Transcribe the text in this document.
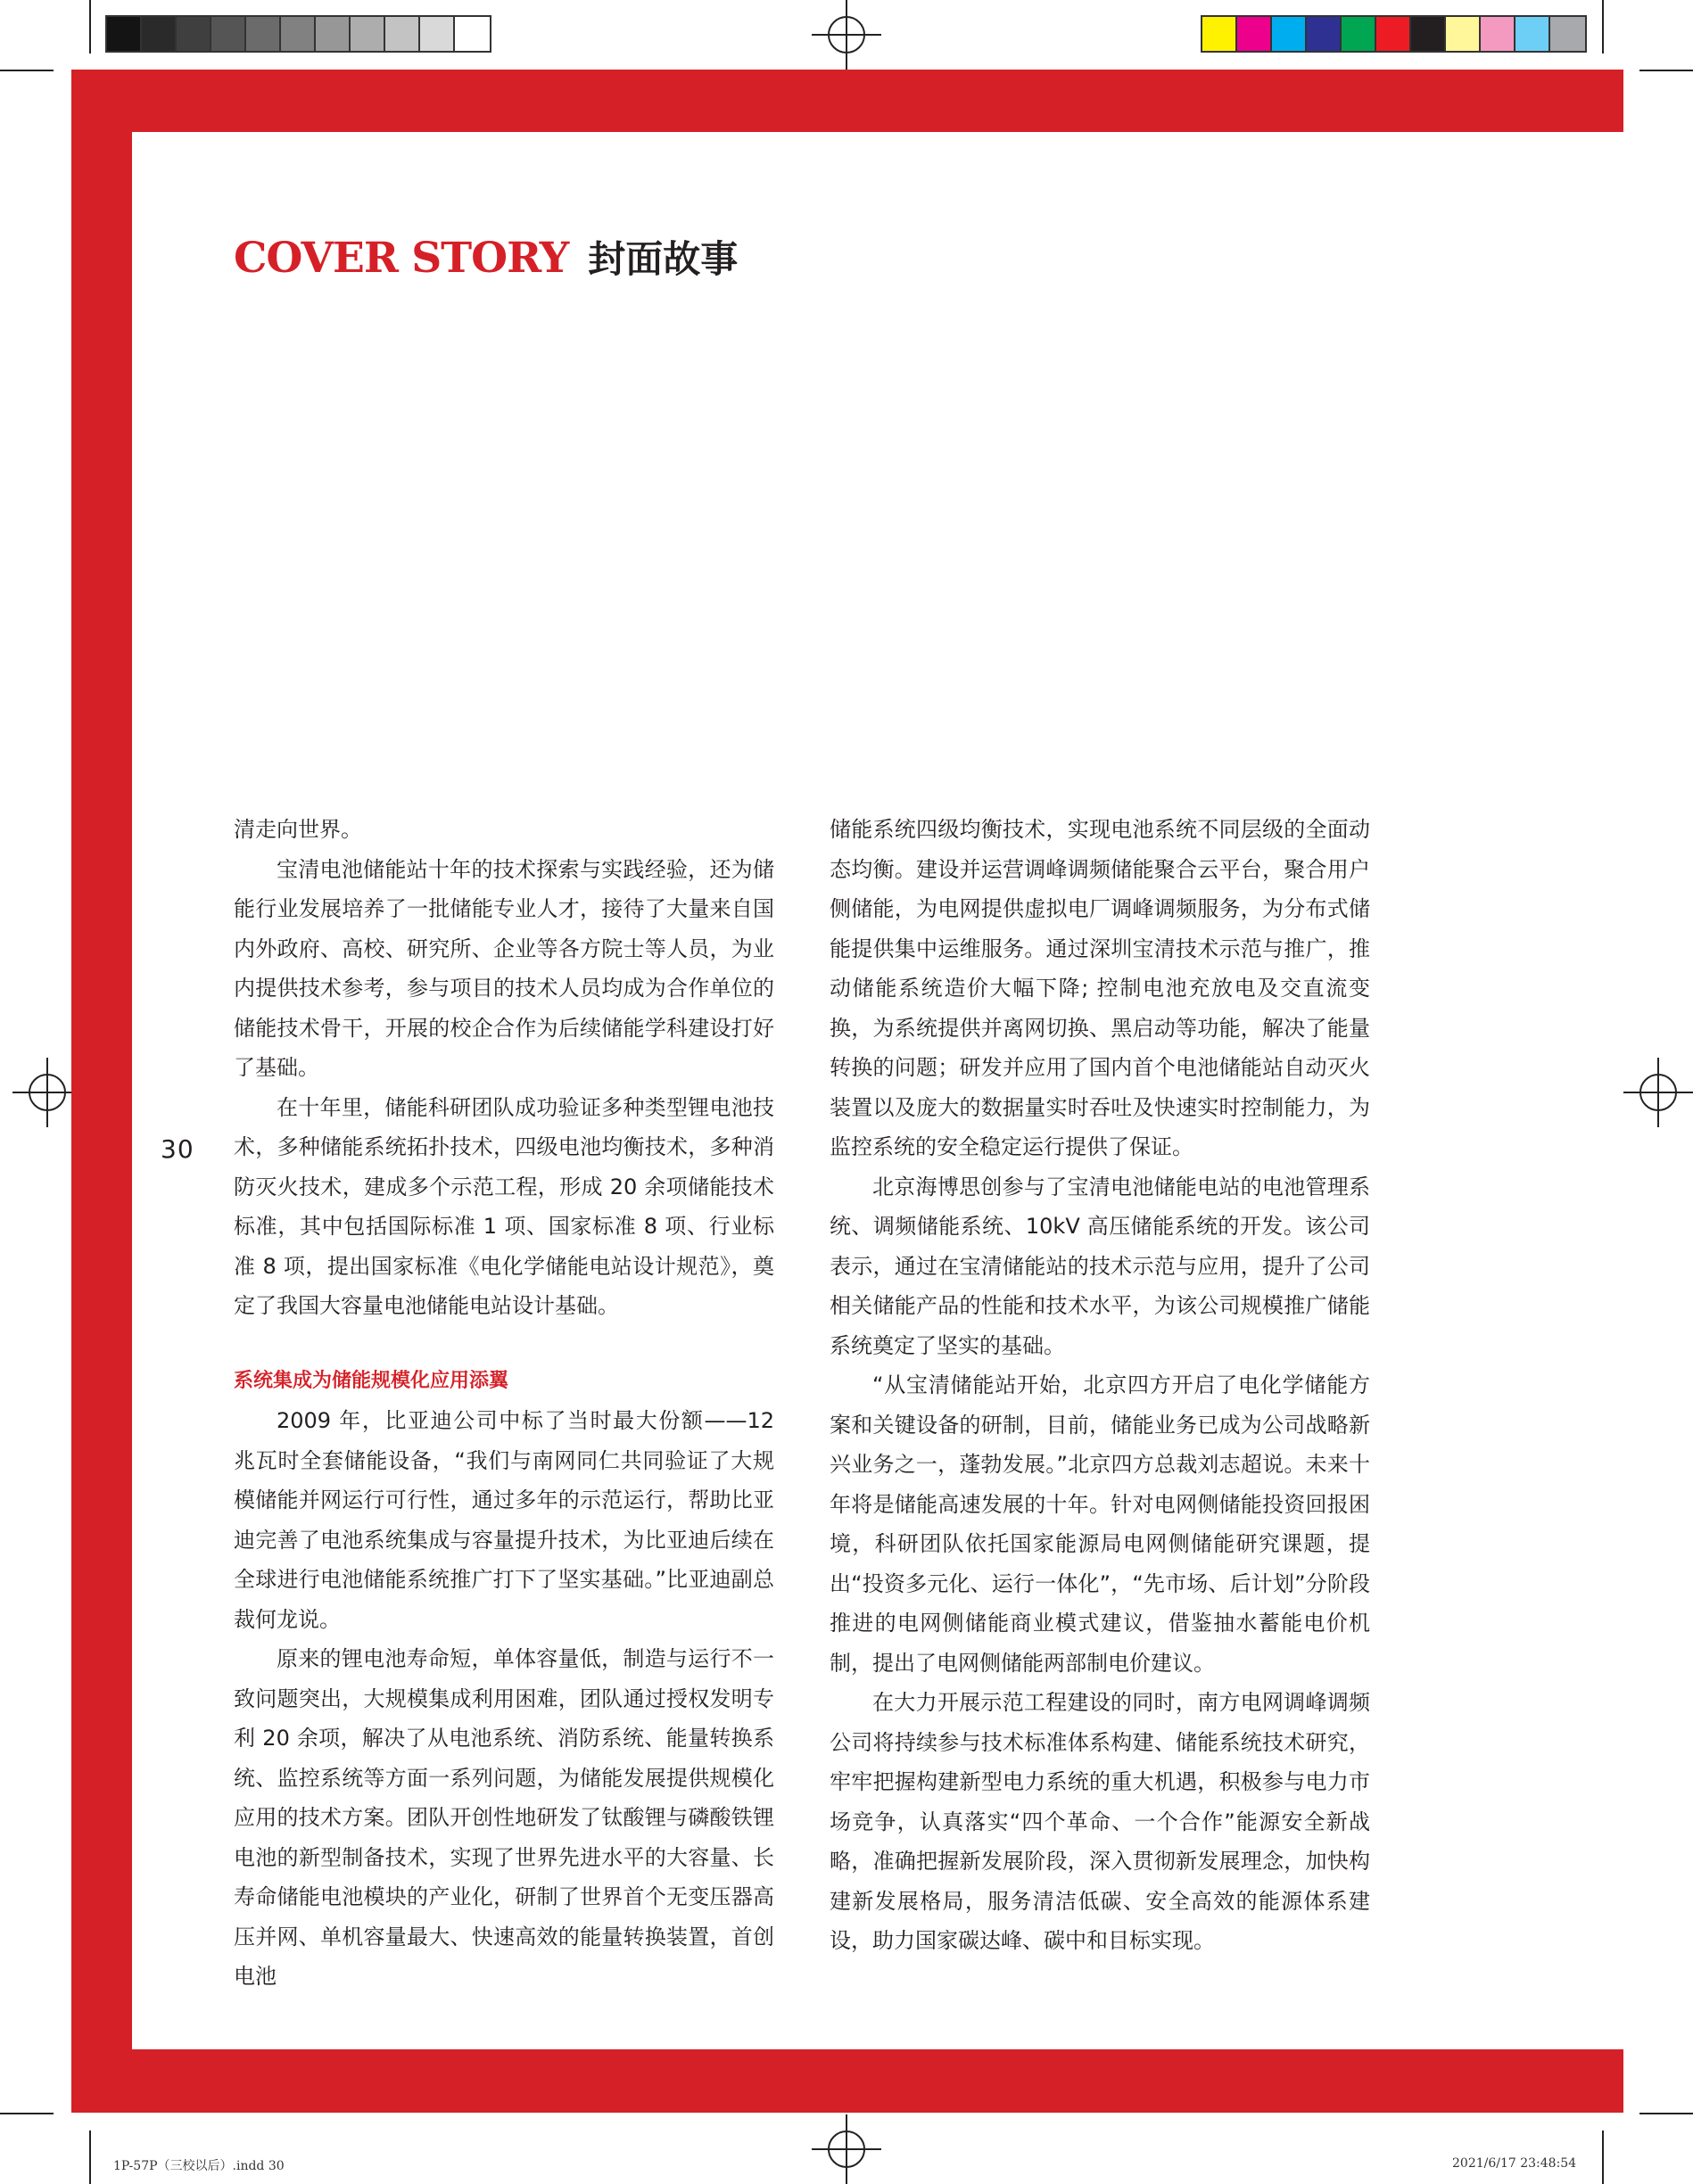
COVER STORY 封面故事
30

清走向世界。

宝清电池储能站十年的技术探索与实践经验，还为储能行业发展培养了一批储能专业人才，接待了大量来自国内外政府、高校、研究所、企业等各方院士等人员，为业内提供技术参考，参与项目的技术人员均成为合作单位的储能技术骨干，开展的校企合作为后续储能学科建设打好了基础。

在十年里，储能科研团队成功验证多种类型锂电池技术，多种储能系统拓扑技术，四级电池均衡技术，多种消防灭火技术，建成多个示范工程，形成 20 余项储能技术标准，其中包括国际标准 1 项、国家标准 8 项、行业标准 8 项，提出国家标准《电化学储能电站设计规范》，奠定了我国大容量电池储能电站设计基础。

系统集成为储能规模化应用添翼

2009 年，比亚迪公司中标了当时最大份额——12 兆瓦时全套储能设备，“我们与南网同仁共同验证了大规模储能并网运行可行性，通过多年的示范运行，帮助比亚迪完善了电池系统集成与容量提升技术，为比亚迪后续在全球进行电池储能系统推广打下了坚实基础。”比亚迪副总裁何龙说。

原来的锂电池寿命短，单体容量低，制造与运行不一致问题突出，大规模集成利用困难，团队通过授权发明专利 20 余项，解决了从电池系统、消防系统、能量转换系统、监控系统等方面一系列问题，为储能发展提供规模化应用的技术方案。团队开创性地研发了钛酸锂与磷酸铁锂电池的新型制备技术，实现了世界先进水平的大容量、长寿命储能电池模块的产业化，研制了世界首个无变压器高压并网、单机容量最大、快速高效的能量转换装置，首创电池

储能系统四级均衡技术，实现电池系统不同层级的全面动态均衡。建设并运营调峰调频储能聚合云平台，聚合用户侧储能，为电网提供虚拟电厂调峰调频服务，为分布式储能提供集中运维服务。通过深圳宝清技术示范与推广，推动储能系统造价大幅下降; 控制电池充放电及交直流变换，为系统提供并离网切换、黑启动等功能，解决了能量转换的问题；研发并应用了国内首个电池储能站自动灭火装置以及庞大的数据量实时吞吐及快速实时控制能力，为监控系统的安全稳定运行提供了保证。

北京海博思创参与了宝清电池储能电站的电池管理系统、调频储能系统、10kV 高压储能系统的开发。该公司表示，通过在宝清储能站的技术示范与应用，提升了公司相关储能产品的性能和技术水平，为该公司规模推广储能系统奠定了坚实的基础。

“从宝清储能站开始，北京四方开启了电化学储能方案和关键设备的研制，目前，储能业务已成为公司战略新兴业务之一，蓬勃发展。”北京四方总裁刘志超说。未来十年将是储能高速发展的十年。针对电网侧储能投资回报困境，科研团队依托国家能源局电网侧储能研究课题，提出“投资多元化、运行一体化”，“先市场、后计划”分阶段推进的电网侧储能商业模式建议，借鉴抽水蓄能电价机制，提出了电网侧储能两部制电价建议。

在大力开展示范工程建设的同时，南方电网调峰调频公司将持续参与技术标准体系构建、储能系统技术研究，牢牢把握构建新型电力系统的重大机遇，积极参与电力市场竞争，认真落实“四个革命、一个合作”能源安全新战略，准确把握新发展阶段，深入贯彻新发展理念，加快构建新发展格局，服务清洁低碳、安全高效的能源体系建设，助力国家碳达峰、碳中和目标实现。

1P-57P（三校以后）.indd 30	2021/6/17 23:48:54
